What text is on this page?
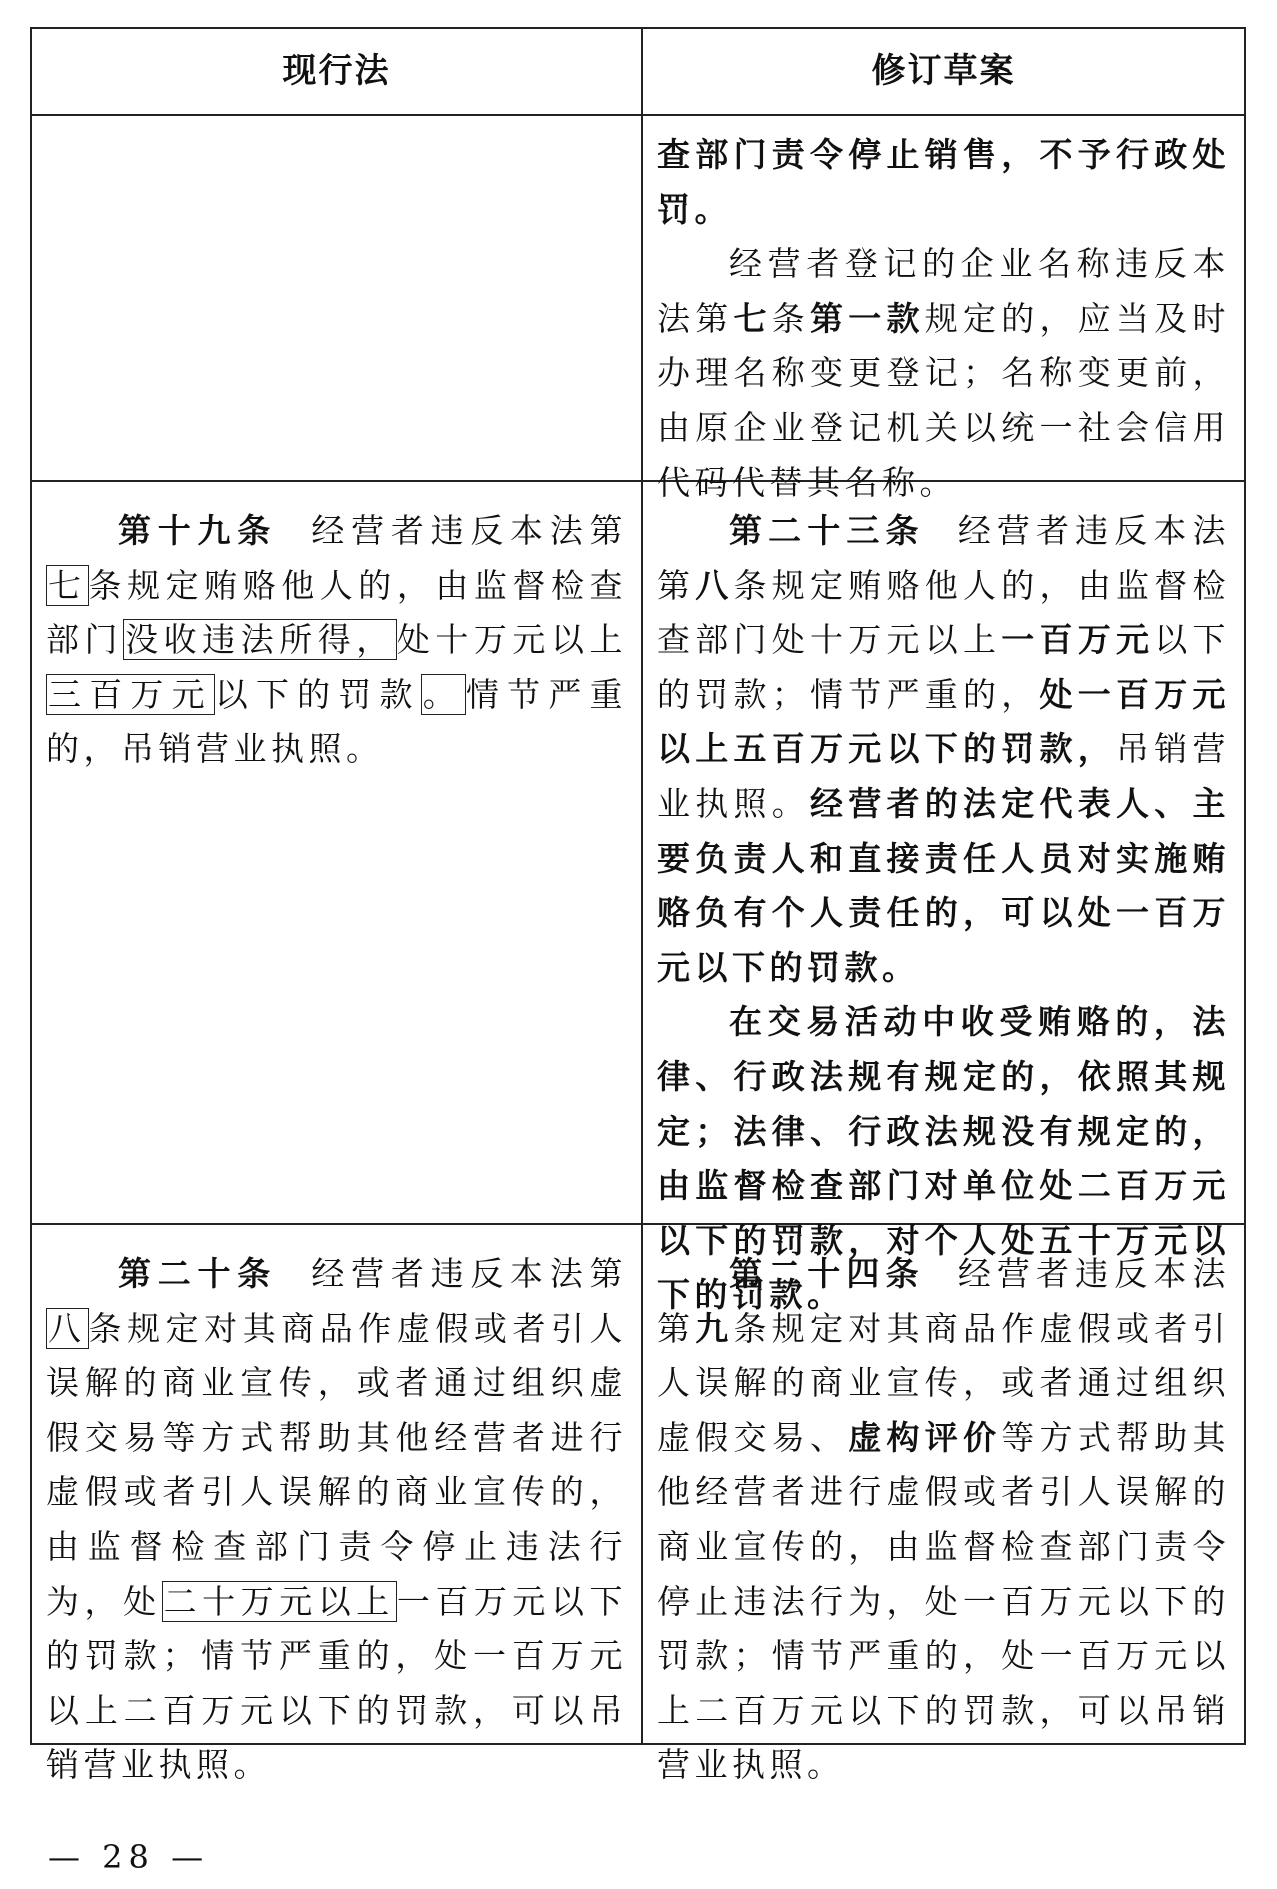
现行法	修订草案

查部门责令停止销售，不予行政处罚。

经营者登记的企业名称违反本法第七条第一款规定的，应当及时办理名称变更登记；名称变更前，由原企业登记机关以统一社会信用代码代替其名称。

第十九条 经营者违反本法第七条规定贿赂他人的，由监督检查部门没收违法所得，处十万元以上三百万元以下的罚款。情节严重的，吊销营业执照。

第二十三条 经营者违反本法第八条规定贿赂他人的，由监督检查部门处十万元以上一百万元以下的罚款；情节严重的，处一百万元以上五百万元以下的罚款，吊销营业执照。经营者的法定代表人、主要负责人和直接责任人员对实施贿赂负有个人责任的，可以处一百万元以下的罚款。

在交易活动中收受贿赂的，法律、行政法规有规定的，依照其规定；法律、行政法规没有规定的，由监督检查部门对单位处二百万元以下的罚款，对个人处五十万元以下的罚款。

第二十条 经营者违反本法第八条规定对其商品作虚假或者引人误解的商业宣传，或者通过组织虚假交易等方式帮助其他经营者进行虚假或者引人误解的商业宣传的，由监督检查部门责令停止违法行为，处二十万元以上一百万元以下的罚款；情节严重的，处一百万元以上二百万元以下的罚款，可以吊销营业执照。

第二十四条 经营者违反本法第九条规定对其商品作虚假或者引人误解的商业宣传，或者通过组织虚假交易、虚构评价等方式帮助其他经营者进行虚假或者引人误解的商业宣传的，由监督检查部门责令停止违法行为，处一百万元以下的罚款；情节严重的，处一百万元以上二百万元以下的罚款，可以吊销营业执照。

— 28 —
